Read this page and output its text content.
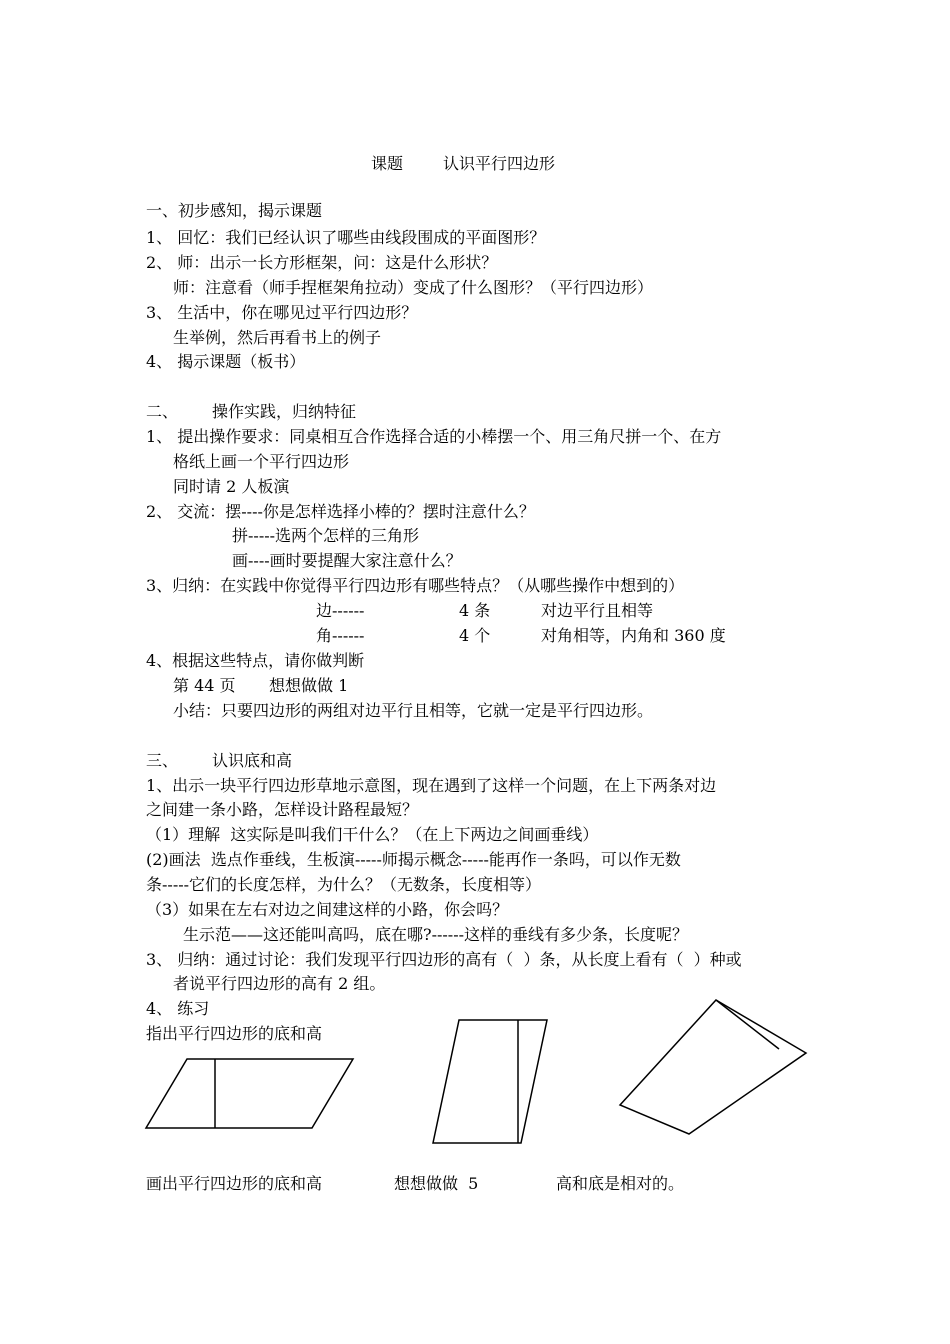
课题	认识平行四边形
一、初步感知，揭示课题
1、 回忆：我们已经认识了哪些由线段围成的平面图形？
2、 师：出示一长方形框架，问：这是什么形状？
师：注意看（师手捏框架角拉动）变成了什么图形？（平行四边形）
3、 生活中，你在哪见过平行四边形？
生举例，然后再看书上的例子
4、 揭示课题（板书）
二、 操作实践，归纳特征
1、 提出操作要求：同桌相互合作选择合适的小棒摆一个、用三角尺拼一个、在方
格纸上画一个平行四边形
同时请 2 人板演
2、 交流：摆----你是怎样选择小棒的？摆时注意什么？
拼-----选两个怎样的三角形
画----画时要提醒大家注意什么？
3、归纳：在实践中你觉得平行四边形有哪些特点？（从哪些操作中想到的）
边------	4 条	对边平行且相等
角------	4 个	对角相等，内角和 360 度
4、根据这些特点，请你做判断
第 44 页 想想做做 1
小结：只要四边形的两组对边平行且相等，它就一定是平行四边形。
三、 认识底和高
1、出示一块平行四边形草地示意图，现在遇到了这样一个问题，在上下两条对边
之间建一条小路，怎样设计路程最短？
（1）理解  这实际是叫我们干什么？（在上下两边之间画垂线）
(2)画法  选点作垂线，生板演-----师揭示概念-----能再作一条吗，可以作无数
条-----它们的长度怎样，为什么？（无数条，长度相等）
（3）如果在左右对边之间建这样的小路，你会吗？
生示范——这还能叫高吗，底在哪?------这样的垂线有多少条，长度呢？
3、 归纳：通过讨论：我们发现平行四边形的高有（  ）条，从长度上看有（  ）种或
者说平行四边形的高有 2 组。
4、 练习
指出平行四边形的底和高
画出平行四边形的底和高	想想做做  5	高和底是相对的。
